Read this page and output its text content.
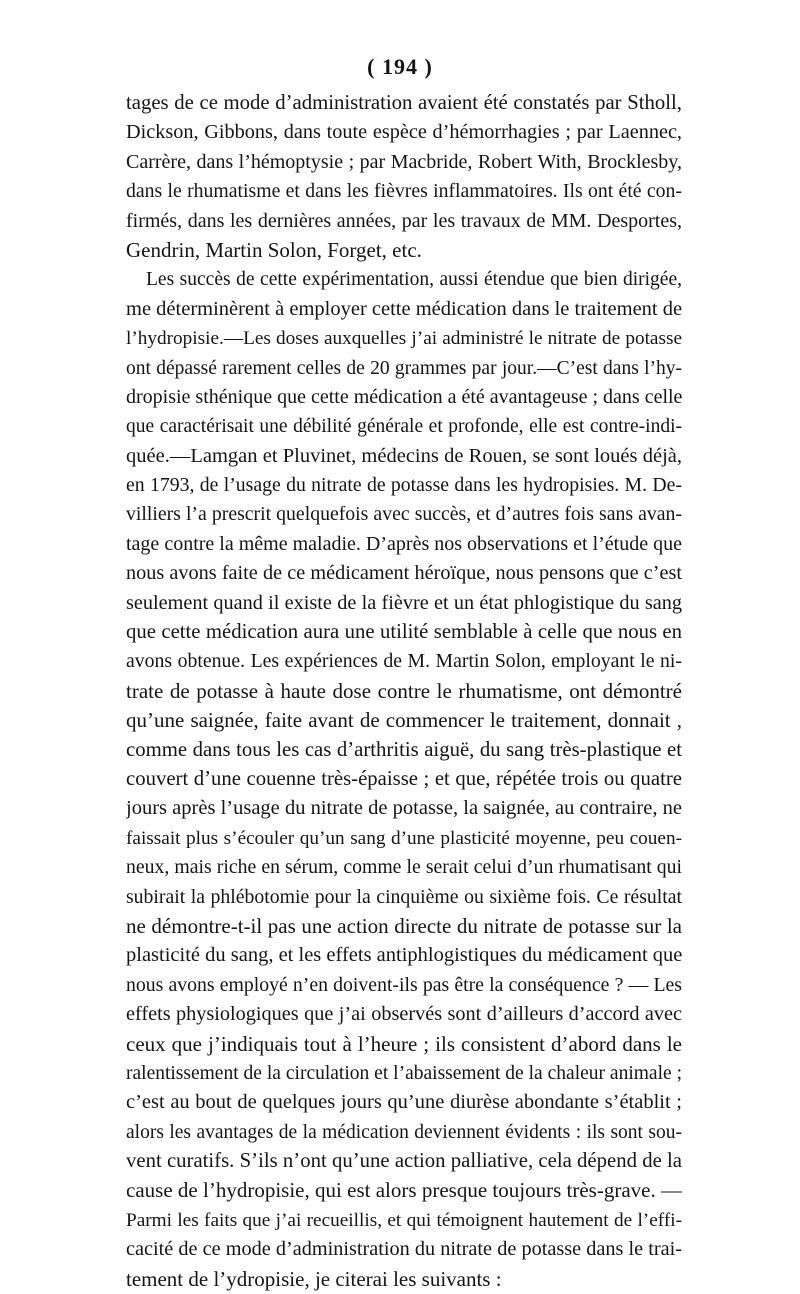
( 194 )
tages de ce mode d’administration avaient été constatés par Stholl,
Dickson, Gibbons, dans toute espèce d’hémorrhagies ; par Laennec,
Carrère, dans l’hémoptysie ; par Macbride, Robert With, Brocklesby,
dans le rhumatisme et dans les fièvres inflammatoires. Ils ont été con-
firmés, dans les dernières années, par les travaux de MM. Desportes,
Gendrin, Martin Solon, Forget, etc.
Les succès de cette expérimentation, aussi étendue que bien dirigée,
me déterminèrent à employer cette médication dans le traitement de
l’hydropisie.—Les doses auxquelles j’ai administré le nitrate de potasse
ont dépassé rarement celles de 20 grammes par jour.—C’est dans l’hy-
dropisie sthénique que cette médication a été avantageuse ; dans celle
que caractérisait une débilité générale et profonde, elle est contre-indi-
quée.—Lamgan et Pluvinet, médecins de Rouen, se sont loués déjà,
en 1793, de l’usage du nitrate de potasse dans les hydropisies. M. De-
villiers l’a prescrit quelquefois avec succès, et d’autres fois sans avan-
tage contre la même maladie. D’après nos observations et l’étude que
nous avons faite de ce médicament héroïque, nous pensons que c’est
seulement quand il existe de la fièvre et un état phlogistique du sang
que cette médication aura une utilité semblable à celle que nous en
avons obtenue. Les expériences de M. Martin Solon, employant le ni-
trate de potasse à haute dose contre le rhumatisme, ont démontré
qu’une saignée, faite avant de commencer le traitement, donnait ,
comme dans tous les cas d’arthritis aiguë, du sang très-plastique et
couvert d’une couenne très-épaisse ; et que, répétée trois ou quatre
jours après l’usage du nitrate de potasse, la saignée, au contraire, ne
faissait plus s’écouler qu’un sang d’une plasticité moyenne, peu couen-
neux, mais riche en sérum, comme le serait celui d’un rhumatisant qui
subirait la phlébotomie pour la cinquième ou sixième fois. Ce résultat
ne démontre-t-il pas une action directe du nitrate de potasse sur la
plasticité du sang, et les effets antiphlogistiques du médicament que
nous avons employé n’en doivent-ils pas être la conséquence ? — Les
effets physiologiques que j’ai observés sont d’ailleurs d’accord avec
ceux que j’indiquais tout à l’heure ; ils consistent d’abord dans le
ralentissement de la circulation et l’abaissement de la chaleur animale ;
c’est au bout de quelques jours qu’une diurèse abondante s’établit ;
alors les avantages de la médication deviennent évidents : ils sont sou-
vent curatifs. S’ils n’ont qu’une action palliative, cela dépend de la
cause de l’hydropisie, qui est alors presque toujours très-grave. —
Parmi les faits que j’ai recueillis, et qui témoignent hautement de l’effi-
cacité de ce mode d’administration du nitrate de potasse dans le trai-
tement de l’ydropisie, je citerai les suivants :
